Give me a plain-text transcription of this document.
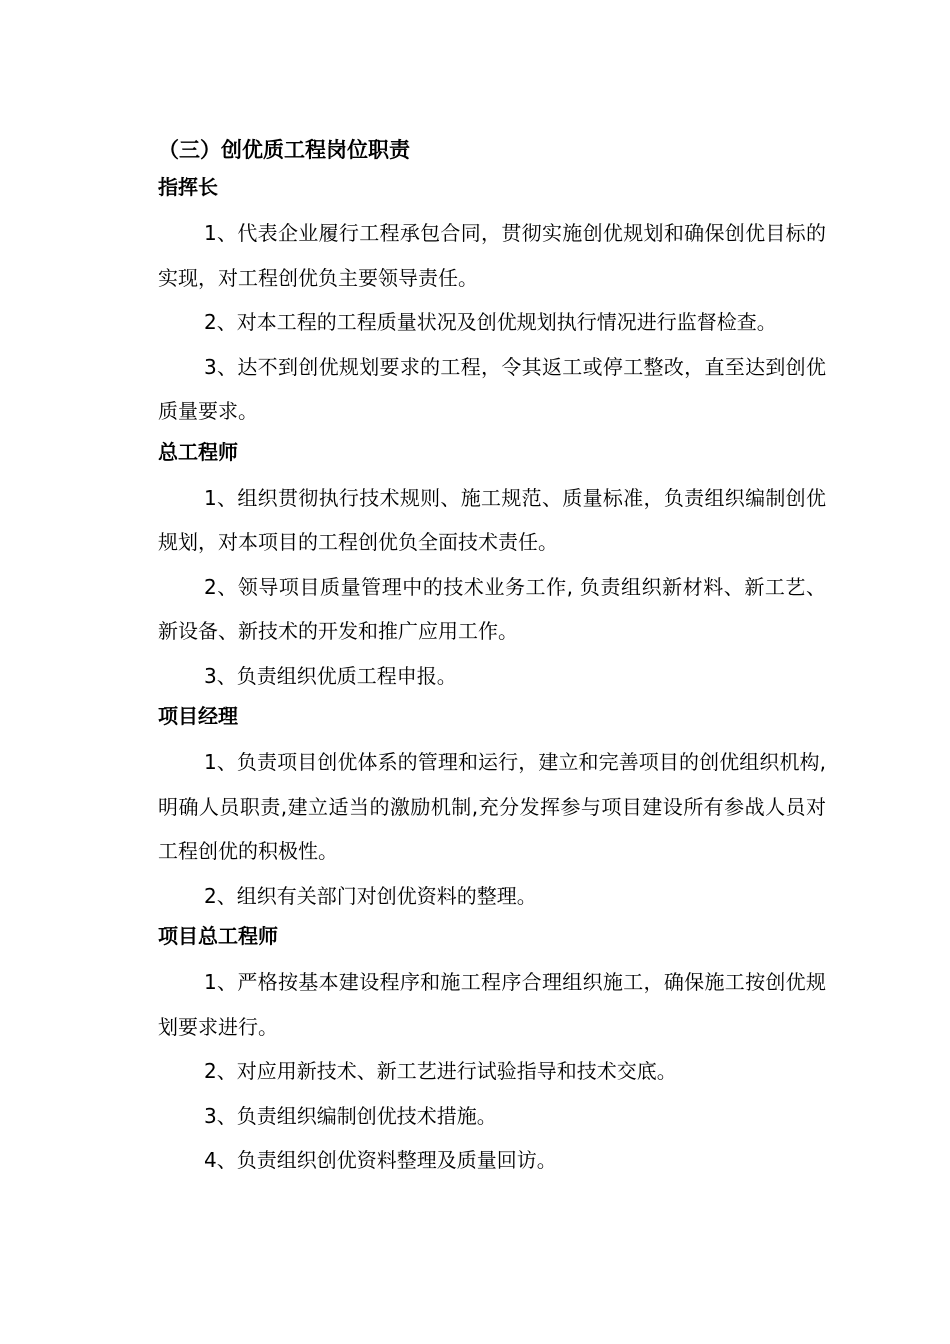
（三）创优质工程岗位职责
指挥长

1、代表企业履行工程承包合同，贯彻实施创优规划和确保创优目标的实现，对工程创优负主要领导责任。

2、对本工程的工程质量状况及创优规划执行情况进行监督检查。

3、达不到创优规划要求的工程，令其返工或停工整改，直至达到创优质量要求。

总工程师

1、组织贯彻执行技术规则、施工规范、质量标准，负责组织编制创优规划，对本项目的工程创优负全面技术责任。

2、领导项目质量管理中的技术业务工作, 负责组织新材料、新工艺、新设备、新技术的开发和推广应用工作。

3、负责组织优质工程申报。

项目经理

1、负责项目创优体系的管理和运行，建立和完善项目的创优组织机构,明确人员职责,建立适当的激励机制,充分发挥参与项目建设所有参战人员对工程创优的积极性。

2、组织有关部门对创优资料的整理。

项目总工程师

1、严格按基本建设程序和施工程序合理组织施工，确保施工按创优规划要求进行。

2、对应用新技术、新工艺进行试验指导和技术交底。

3、负责组织编制创优技术措施。

4、负责组织创优资料整理及质量回访。
